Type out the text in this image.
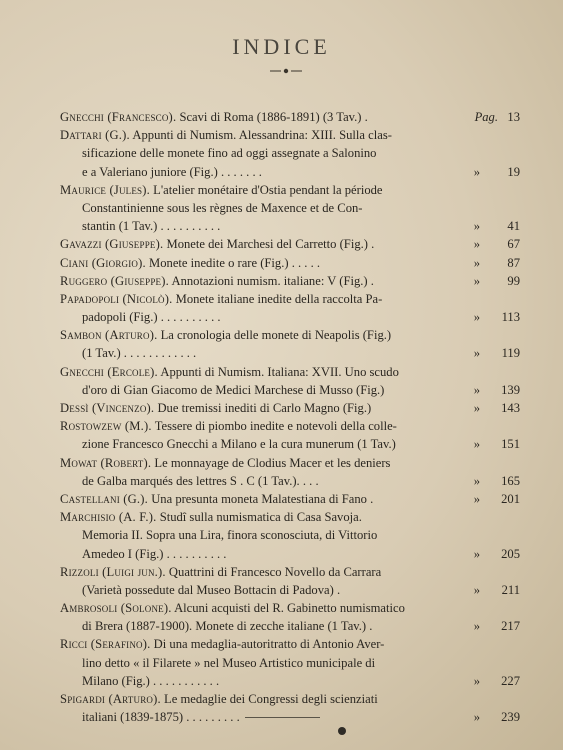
INDICE
Gnecchi (Francesco). Scavi di Roma (1886-1891) (3 Tav.) .	Pag. 13
Dattari (G.). Appunti di Numism. Alessandrina: XIII. Sulla clas-
sificazione delle monete fino ad oggi assegnate a Salonino
e a Valeriano juniore (Fig.) . . . . . . .	»	19
Maurice (Jules). L'atelier monétaire d'Ostia pendant la période
Constantinienne sous les règnes de Maxence et de Con-
stantin (1 Tav.) . . . . . . . . . .	»	41
Gavazzi (Giuseppe). Monete dei Marchesi del Carretto (Fig.) .	»	67
Ciani (Giorgio). Monete inedite o rare (Fig.) . . . . .	»	87
Ruggero (Giuseppe). Annotazioni numism. italiane: V (Fig.) .	»	99
Papadopoli (Nicolò). Monete italiane inedite della raccolta Pa-
padopoli (Fig.) . . . . . . . . . .	»	113
Sambon (Arturo). La cronologia delle monete di Neapolis (Fig.)
(1 Tav.) . . . . . . . . . . . .	»	119
Gnecchi (Ercole). Appunti di Numism. Italiana: XVII. Uno scudo
d'oro di Gian Giacomo de Medici Marchese di Musso (Fig.)	»	139
Dessì (Vincenzo). Due tremissi inediti di Carlo Magno (Fig.)	»	143
Rostowzew (M.). Tessere di piombo inedite e notevoli della colle-
zione Francesco Gnecchi a Milano e la cura munerum (1 Tav.)	»	151
Mowat (Robert). Le monnayage de Clodius Macer et les deniers
de Galba marqués des lettres S . C (1 Tav.). . . .	»	165
Castellani (G.). Una presunta moneta Malatestiana di Fano .	»	201
Marchisio (A. F.). Studî sulla numismatica di Casa Savoja.
Memoria II. Sopra una Lira, finora sconosciuta, di Vittorio
Amedeo I (Fig.) . . . . . . . . . .	»	205
Rizzoli (Luigi jun.). Quattrini di Francesco Novello da Carrara
(Varietà possedute dal Museo Bottacin di Padova) .	»	211
Ambrosoli (Solone). Alcuni acquisti del R. Gabinetto numismatico
di Brera (1887-1900). Monete di zecche italiane (1 Tav.) .	»	217
Ricci (Serafino). Di una medaglia-autoritratto di Antonio Aver-
lino detto « il Filarete » nel Museo Artistico municipale di
Milano (Fig.) . . . . . . . . . . .	»	227
Spigardi (Arturo). Le medaglie dei Congressi degli scienziati
italiani (1839-1875) . . . . . . . . .	»	239
